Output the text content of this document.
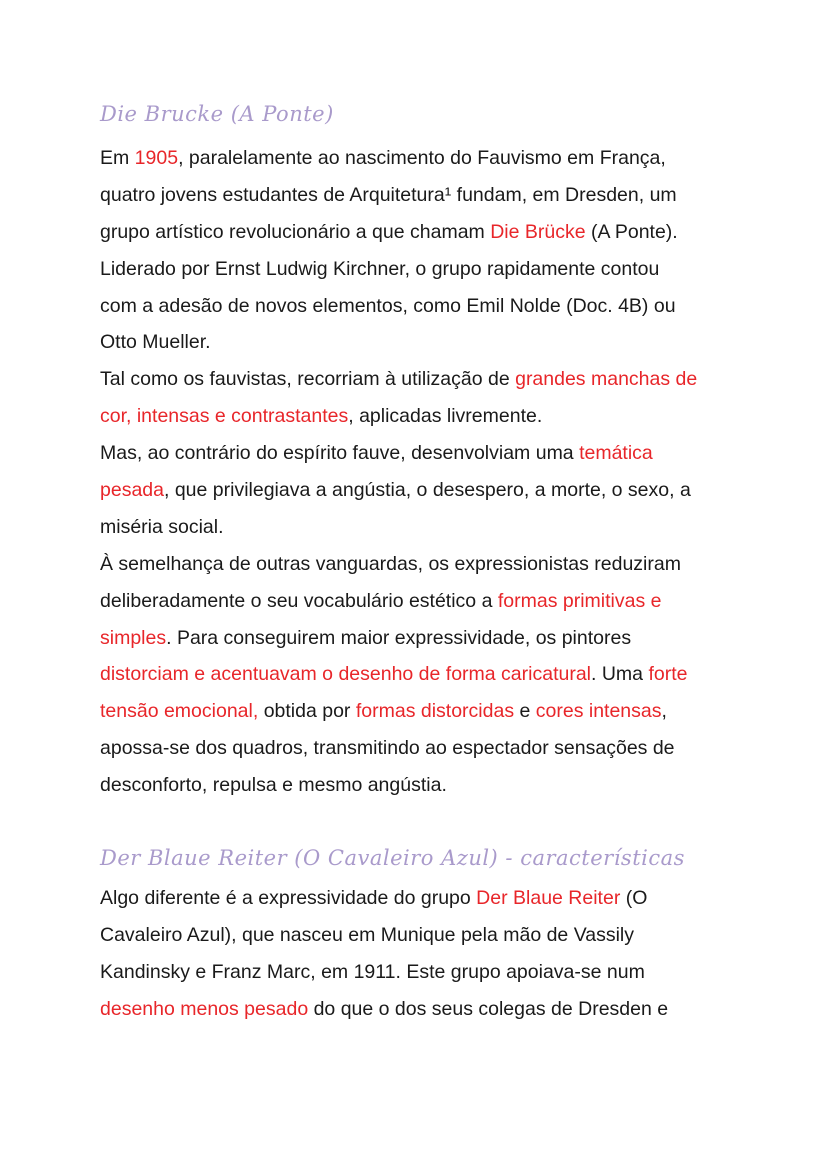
Die Brucke (A Ponte)
Em 1905, paralelamente ao nascimento do Fauvismo em França,
quatro jovens estudantes de Arquitetura¹ fundam, em Dresden, um
grupo artístico revolucionário a que chamam Die Brücke (A Ponte).
Liderado por Ernst Ludwig Kirchner, o grupo rapidamente contou
com a adesão de novos elementos, como Emil Nolde (Doc. 4B) ou
Otto Mueller.
Tal como os fauvistas, recorriam à utilização de grandes manchas de
cor, intensas e contrastantes, aplicadas livremente.
Mas, ao contrário do espírito fauve, desenvolviam uma temática
pesada, que privilegiava a angústia, o desespero, a morte, o sexo, a
miséria social.
À semelhança de outras vanguardas, os expressionistas reduziram
deliberadamente o seu vocabulário estético a formas primitivas e
simples. Para conseguirem maior expressividade, os pintores
distorciam e acentuavam o desenho de forma caricatural. Uma forte
tensão emocional, obtida por formas distorcidas e cores intensas,
apossa-se dos quadros, transmitindo ao espectador sensações de
desconforto, repulsa e mesmo angústia.
Der Blaue Reiter (O Cavaleiro Azul) - características
Algo diferente é a expressividade do grupo Der Blaue Reiter (O
Cavaleiro Azul), que nasceu em Munique pela mão de Vassily
Kandinsky e Franz Marc, em 1911. Este grupo apoiava-se num
desenho menos pesado do que o dos seus colegas de Dresden e
